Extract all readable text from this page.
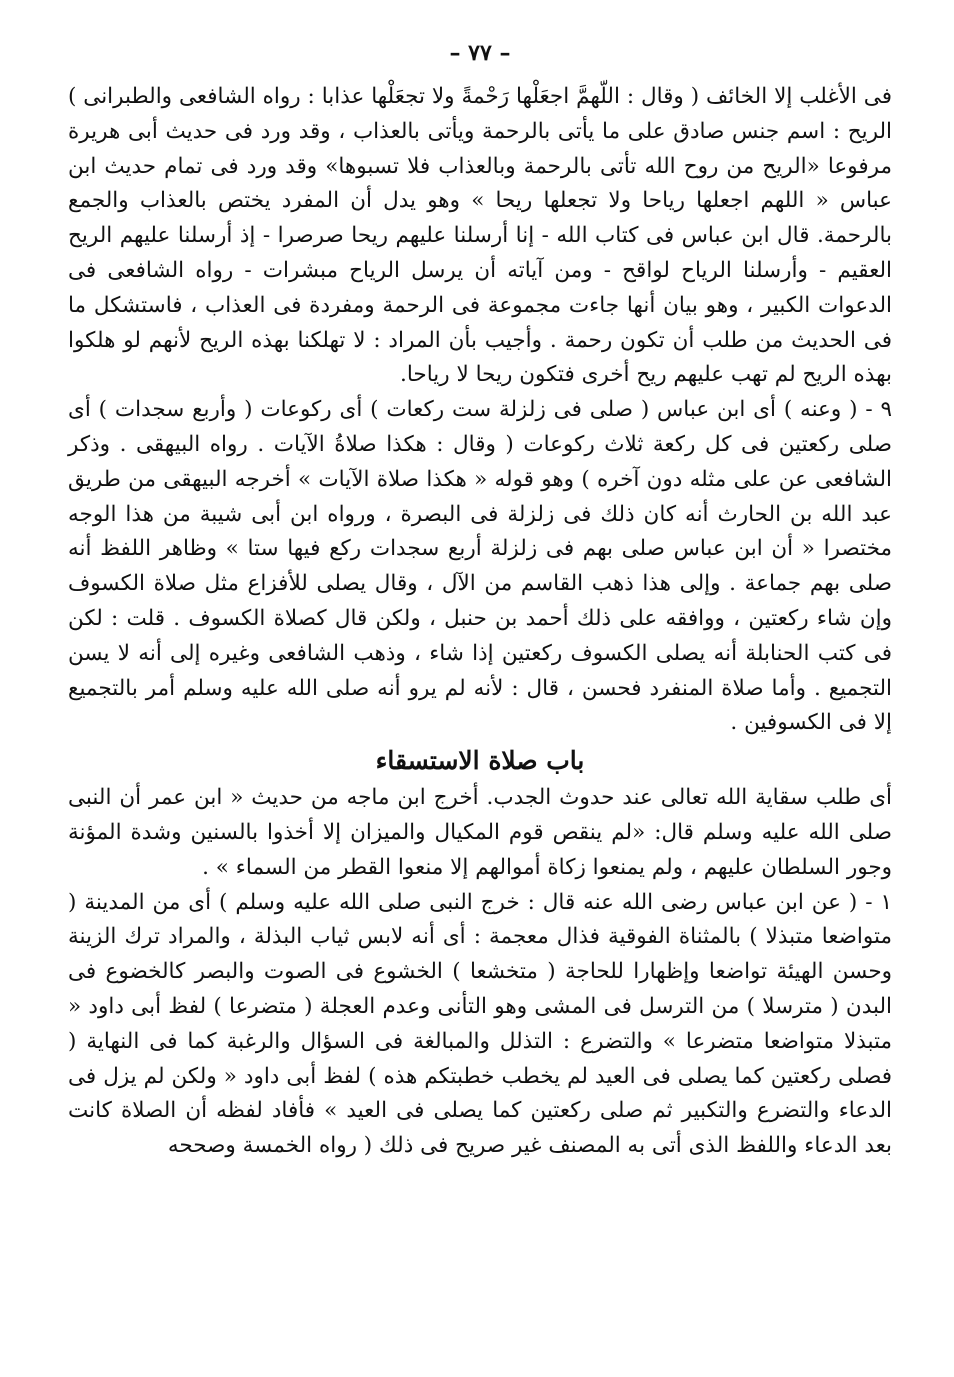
– ٧٧ –

فى الأغلب إلا الخائف ( وقال : اللّهمَّ اجعَلْها رَحْمةً ولا تجعَلْها عذابا : رواه الشافعى والطبرانى ) الريح : اسم جنس صادق على ما يأتى بالرحمة ويأتى بالعذاب ، وقد ورد فى حديث أبى هريرة مرفوعا «الريح من روح الله تأتى بالرحمة وبالعذاب فلا تسبوها» وقد ورد فى تمام حديث ابن عباس « اللهم اجعلها رياحا ولا تجعلها ريحا » وهو يدل أن المفرد يختص بالعذاب والجمع بالرحمة. قال ابن عباس فى كتاب الله - إنا أرسلنا عليهم ريحا صرصرا - إذ أرسلنا عليهم الريح العقيم - وأرسلنا الرياح لواقح - ومن آياته أن يرسل الرياح مبشرات - رواه الشافعى فى الدعوات الكبير ، وهو بيان أنها جاءت مجموعة فى الرحمة ومفردة فى العذاب ، فاستشكل ما فى الحديث من طلب أن تكون رحمة . وأجيب بأن المراد : لا تهلكنا بهذه الريح لأنهم لو هلكوا بهذه الريح لم تهب عليهم ريح أخرى فتكون ريحا لا رياحا.

٩ - ( وعنه ) أى ابن عباس ( صلى فى زلزلة ست ركعات ) أى ركوعات ( وأربع سجدات ) أى صلى ركعتين فى كل ركعة ثلاث ركوعات ( وقال : هكذا صلاةُ الآيات . رواه البيهقى . وذكر الشافعى عن على مثله دون آخره ) وهو قوله « هكذا صلاة الآيات » أخرجه البيهقى من طريق عبد الله بن الحارث أنه كان ذلك فى زلزلة فى البصرة ، ورواه ابن أبى شيبة من هذا الوجه مختصرا « أن ابن عباس صلى بهم فى زلزلة أربع سجدات ركع فيها ستا » وظاهر اللفظ أنه صلى بهم جماعة . وإلى هذا ذهب القاسم من الآل ، وقال يصلى للأفزاع مثل صلاة الكسوف وإن شاء ركعتين ، ووافقه على ذلك أحمد بن حنبل ، ولكن قال كصلاة الكسوف . قلت : لكن فى كتب الحنابلة أنه يصلى الكسوف ركعتين إذا شاء ، وذهب الشافعى وغيره إلى أنه لا يسن التجميع . وأما صلاة المنفرد فحسن ، قال : لأنه لم يرو أنه صلى الله عليه وسلم أمر بالتجميع إلا فى الكسوفين .

باب صلاة الاستسقاء

أى طلب سقاية الله تعالى عند حدوث الجدب. أخرج ابن ماجه من حديث « ابن عمر أن النبى صلى الله عليه وسلم قال: «لم ينقص قوم المكيال والميزان إلا أخذوا بالسنين وشدة المؤنة وجور السلطان عليهم ، ولم يمنعوا زكاة أموالهم إلا منعوا القطر من السماء » .

١ - ( عن ابن عباس رضى الله عنه قال : خرج النبى صلى الله عليه وسلم ) أى من المدينة ( متواضعا متبذلا ) بالمثناة الفوقية فذال معجمة : أى أنه لابس ثياب البذلة ، والمراد ترك الزينة وحسن الهيئة تواضعا وإظهارا للحاجة ( متخشعا ) الخشوع فى الصوت والبصر كالخضوع فى البدن ( مترسلا ) من الترسل فى المشى وهو التأنى وعدم العجلة ( متضرعا ) لفظ أبى داود « متبذلا متواضعا متضرعا » والتضرع : التذلل والمبالغة فى السؤال والرغبة كما فى النهاية ( فصلى ركعتين كما يصلى فى العيد لم يخطب خطبتكم هذه ) لفظ أبى داود « ولكن لم يزل فى الدعاء والتضرع والتكبير ثم صلى ركعتين كما يصلى فى العيد » فأفاد لفظه أن الصلاة كانت بعد الدعاء واللفظ الذى أتى به المصنف غير صريح فى ذلك ( رواه الخمسة وصححه
